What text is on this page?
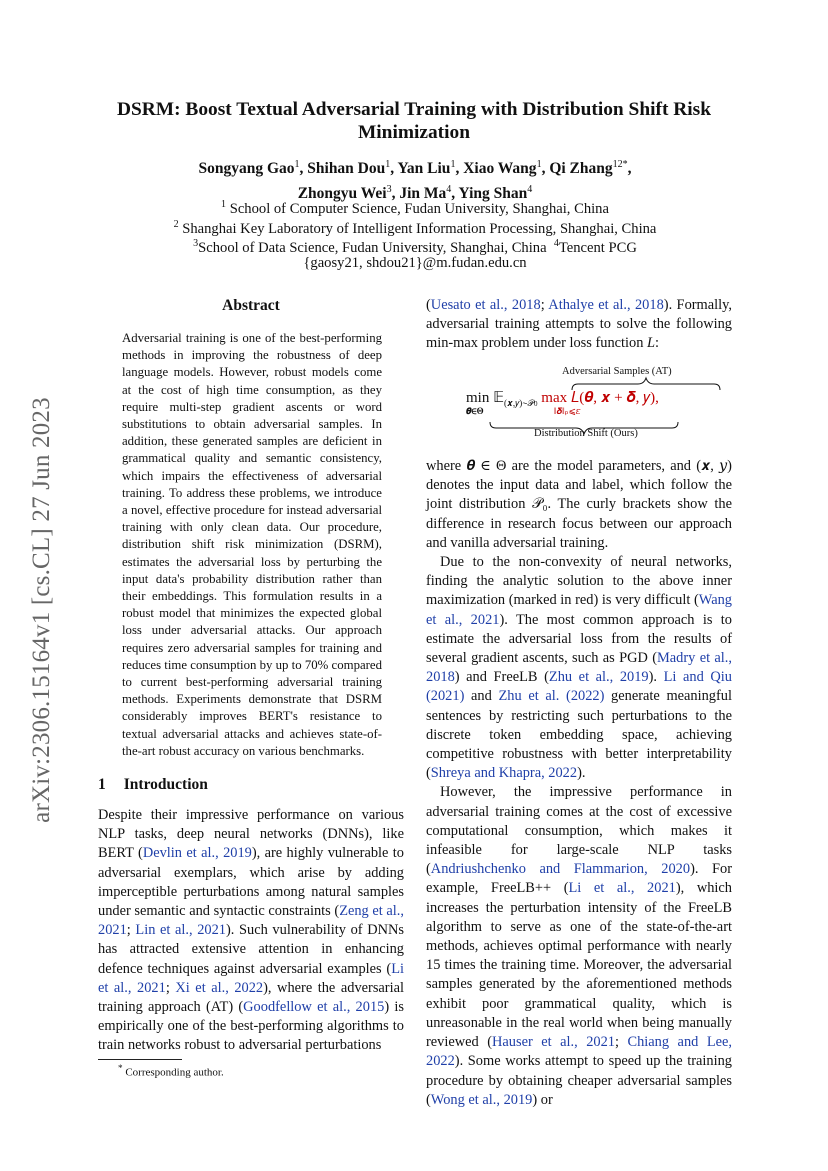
arXiv:2306.15164v1 [cs.CL] 27 Jun 2023
DSRM: Boost Textual Adversarial Training with Distribution Shift Risk Minimization
Songyang Gao$^1$, Shihan Dou$^1$, Yan Liu$^1$, Xiao Wang$^1$, Qi Zhang$^{12*}$,
Zhongyu Wei$^3$, Jin Ma$^4$, Ying Shan$^4$
$^1$ School of Computer Science, Fudan University, Shanghai, China
$^2$ Shanghai Key Laboratory of Intelligent Information Processing, Shanghai, China
$^3$School of Data Science, Fudan University, Shanghai, China $^4$Tencent PCG
{gaosy21, shdou21}@m.fudan.edu.cn
Abstract
Adversarial training is one of the best-performing methods in improving the robustness of deep language models. However, robust models come at the cost of high time consumption, as they require multi-step gradient ascents or word substitutions to obtain adversarial samples. In addition, these generated samples are deficient in grammatical quality and semantic consistency, which impairs the effectiveness of adversarial training. To address these problems, we introduce a novel, effective procedure for instead adversarial training with only clean data. Our procedure, distribution shift risk minimization (DSRM), estimates the adversarial loss by perturbing the input data's probability distribution rather than their embeddings. This formulation results in a robust model that minimizes the expected global loss under adversarial attacks. Our approach requires zero adversarial samples for training and reduces time consumption by up to 70% compared to current best-performing adversarial training methods. Experiments demonstrate that DSRM considerably improves BERT's resistance to textual adversarial attacks and achieves state-of-the-art robust accuracy on various benchmarks.
1 Introduction

Despite their impressive performance on various NLP tasks, deep neural networks (DNNs), like BERT (Devlin et al., 2019), are highly vulnerable to adversarial exemplars, which arise by adding imperceptible perturbations among natural samples under semantic and syntactic constraints (Zeng et al., 2021; Lin et al., 2021). Such vulnerability of DNNs has attracted extensive attention in enhancing defence techniques against adversarial examples (Li et al., 2021; Xi et al., 2022), where the adversarial training approach (AT) (Goodfellow et al., 2015) is empirically one of the best-performing algorithms to train networks robust to adversarial perturbations

* Corresponding author.

(Uesato et al., 2018; Athalye et al., 2018). Formally, adversarial training attempts to solve the following min-max problem under loss function L:

Adversarial Samples (AT)
min 𝔼$_{(𝒙,𝑦)\sim 𝒫0}$ max 𝐿(𝜽, 𝒙 + 𝜹, 𝑦),
𝜽∈Θ	‖𝜹‖ₚ⩽𝜀
Distribution Shift (Ours)

where 𝜽 ∈ Θ are the model parameters, and (𝒙, 𝑦) denotes the input data and label, which follow the joint distribution 𝒫₀. The curly brackets show the difference in research focus between our approach and vanilla adversarial training.

Due to the non-convexity of neural networks, finding the analytic solution to the above inner maximization (marked in red) is very difficult (Wang et al., 2021). The most common approach is to estimate the adversarial loss from the results of several gradient ascents, such as PGD (Madry et al., 2018) and FreeLB (Zhu et al., 2019). Li and Qiu (2021) and Zhu et al. (2022) generate meaningful sentences by restricting such perturbations to the discrete token embedding space, achieving competitive robustness with better interpretability (Shreya and Khapra, 2022).

However, the impressive performance in adversarial training comes at the cost of excessive computational consumption, which makes it infeasible for large-scale NLP tasks (Andriushchenko and Flammarion, 2020). For example, FreeLB++ (Li et al., 2021), which increases the perturbation intensity of the FreeLB algorithm to serve as one of the state-of-the-art methods, achieves optimal performance with nearly 15 times the training time. Moreover, the adversarial samples generated by the aforementioned methods exhibit poor grammatical quality, which is unreasonable in the real world when being manually reviewed (Hauser et al., 2021; Chiang and Lee, 2022). Some works attempt to speed up the training procedure by obtaining cheaper adversarial samples (Wong et al., 2019) or
